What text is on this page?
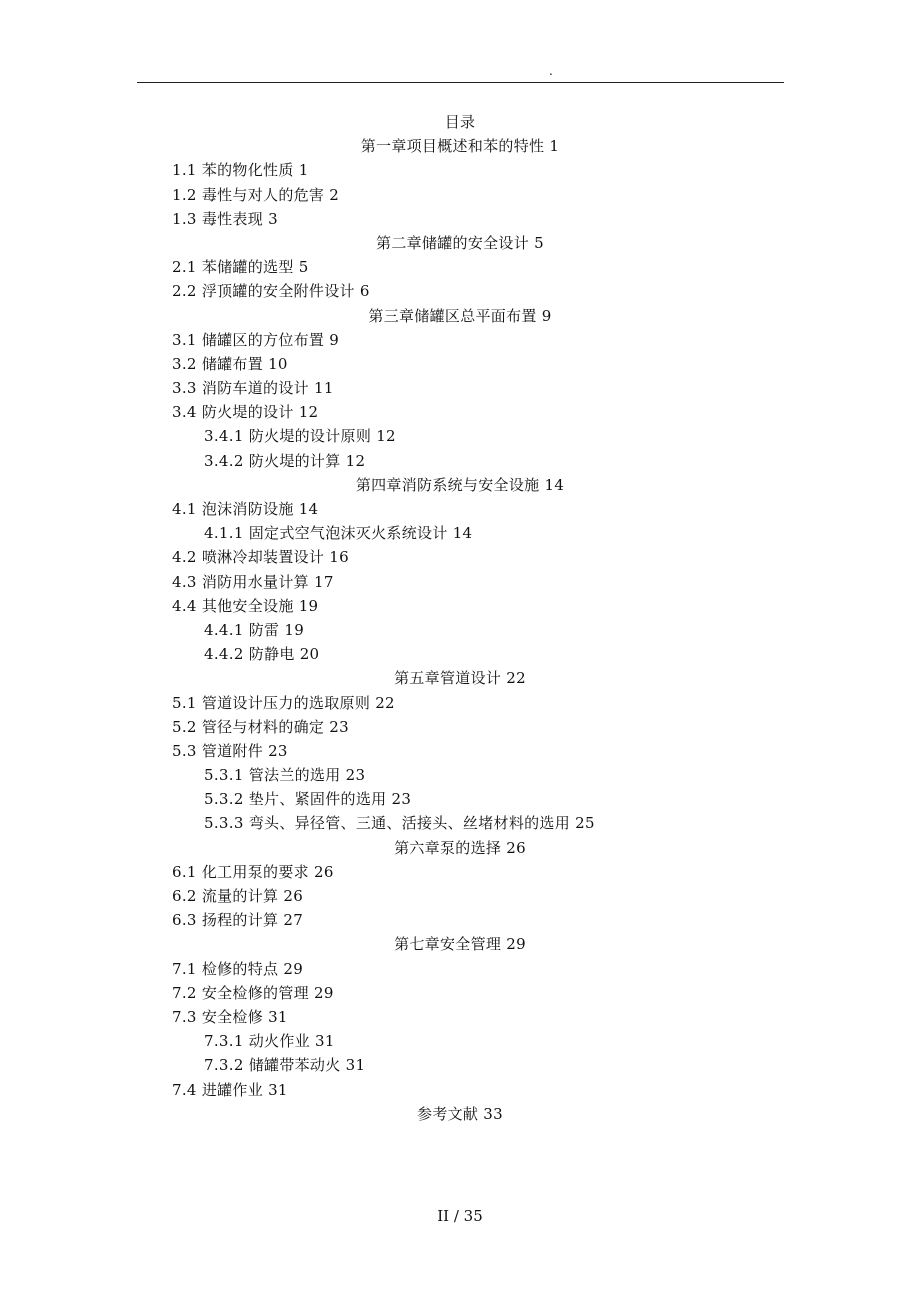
.
目录
第一章项目概述和苯的特性 1
1.1 苯的物化性质 1
1.2 毒性与对人的危害 2
1.3 毒性表现 3
第二章储罐的安全设计 5
2.1 苯储罐的选型 5
2.2 浮顶罐的安全附件设计 6
第三章储罐区总平面布置 9
3.1 储罐区的方位布置 9
3.2 储罐布置 10
3.3 消防车道的设计 11
3.4 防火堤的设计 12
3.4.1 防火堤的设计原则 12
3.4.2 防火堤的计算 12
第四章消防系统与安全设施 14
4.1 泡沫消防设施 14
4.1.1 固定式空气泡沫灭火系统设计 14
4.2 喷淋冷却装置设计 16
4.3 消防用水量计算 17
4.4 其他安全设施 19
4.4.1 防雷 19
4.4.2 防静电 20
第五章管道设计 22
5.1 管道设计压力的选取原则 22
5.2 管径与材料的确定 23
5.3 管道附件 23
5.3.1 管法兰的选用 23
5.3.2 垫片、紧固件的选用 23
5.3.3 弯头、异径管、三通、活接头、丝堵材料的选用 25
第六章泵的选择 26
6.1 化工用泵的要求 26
6.2 流量的计算 26
6.3 扬程的计算 27
第七章安全管理 29
7.1 检修的特点 29
7.2 安全检修的管理 29
7.3 安全检修 31
7.3.1 动火作业 31
7.3.2 储罐带苯动火 31
7.4 进罐作业 31
参考文献 33
II / 35
